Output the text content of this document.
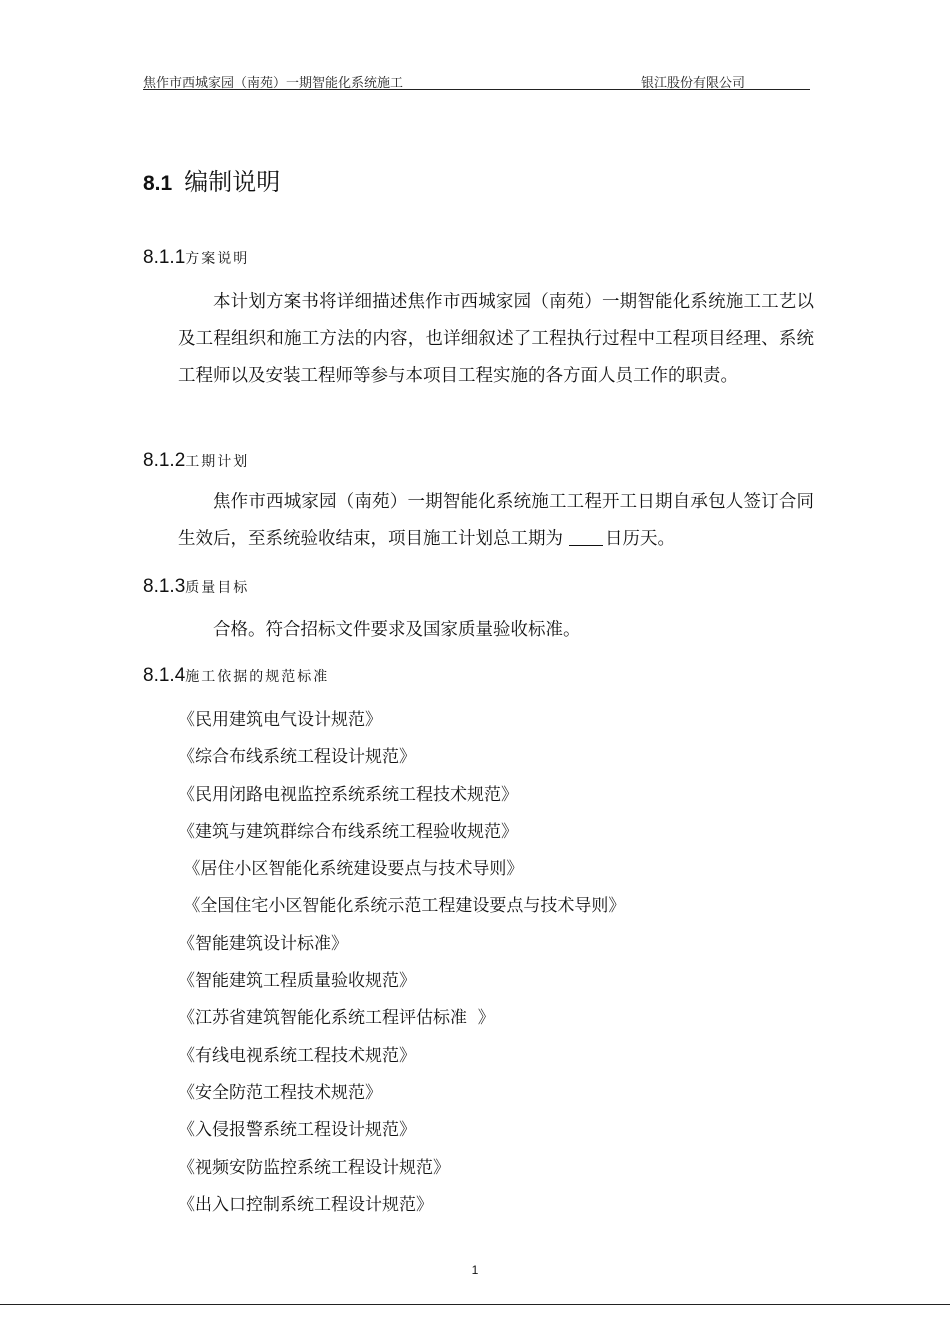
焦作市西城家园（南苑）一期智能化系统施工	银江股份有限公司
8.1 编制说明
8.1.1方案说明

本计划方案书将详细描述焦作市西城家园（南苑）一期智能化系统施工工艺以及工程组织和施工方法的内容，也详细叙述了工程执行过程中工程项目经理、系统工程师以及安装工程师等参与本项目工程实施的各方面人员工作的职责。

8.1.2工期计划

焦作市西城家园（南苑）一期智能化系统施工工程开工日期自承包人签订合同生效后，至系统验收结束，项目施工计划总工期为 日历天。

8.1.3质量目标

合格。符合招标文件要求及国家质量验收标准。

8.1.4施工依据的规范标准
《民用建筑电气设计规范》
《综合布线系统工程设计规范》
《民用闭路电视监控系统系统工程技术规范》
《建筑与建筑群综合布线系统工程验收规范》
《居住小区智能化系统建设要点与技术导则》
《全国住宅小区智能化系统示范工程建设要点与技术导则》
《智能建筑设计标准》
《智能建筑工程质量验收规范》
《江苏省建筑智能化系统工程评估标准  》
《有线电视系统工程技术规范》
《安全防范工程技术规范》
《入侵报警系统工程设计规范》
《视频安防监控系统工程设计规范》
《出入口控制系统工程设计规范》
1
